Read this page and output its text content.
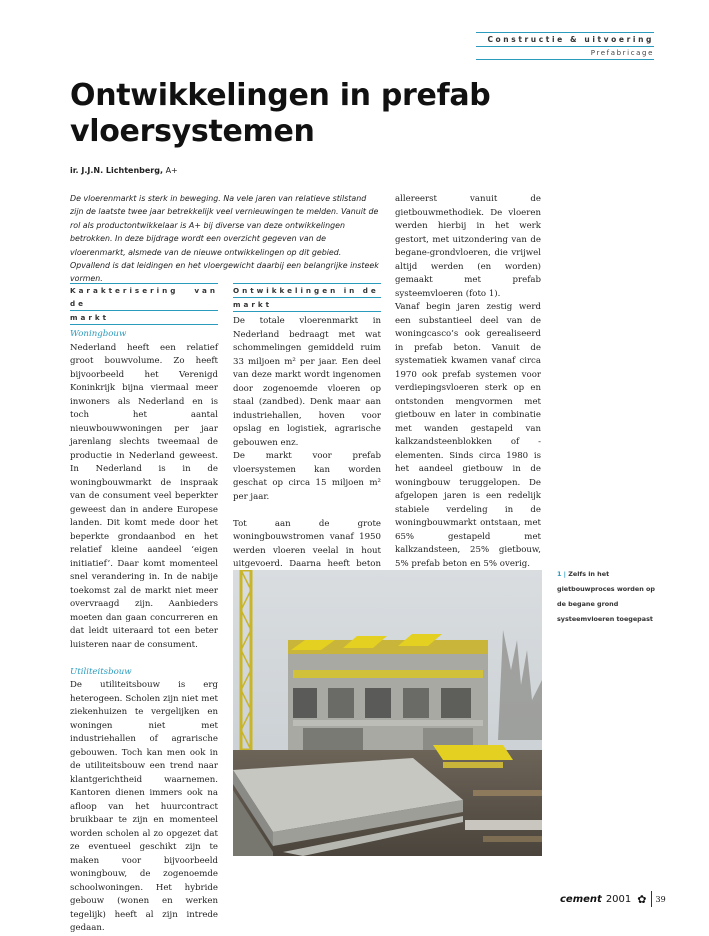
Constructie & uitvoering
Prefabricage
Ontwikkelingen in prefab vloersystemen
ir. J.J.N. Lichtenberg, A+

De vloerenmarkt is sterk in beweging. Na vele jaren van relatieve stilstand zijn de laatste twee jaar betrekkelijk veel vernieuwingen te melden. Vanuit de rol als productontwikkelaar is A+ bij diverse van deze ontwikkelingen betrokken. In deze bijdrage wordt een overzicht gegeven van de vloerenmarkt, alsmede van de nieuwe ontwikkelingen op dit gebied. Opvallend is dat leidingen en het vloergewicht daarbij een belangrijke insteek vormen.

Karakterisering van de
markt

Woningbouw

Nederland heeft een relatief groot bouwvolume. Zo heeft bijvoorbeeld het Verenigd Koninkrijk bijna viermaal meer inwoners als Nederland en is toch het aantal nieuwbouwwoningen per jaar jarenlang slechts tweemaal de productie in Nederland geweest. In Nederland is in de woningbouwmarkt de inspraak van de consument veel beperkter geweest dan in andere Europese landen. Dit komt mede door het beperkte grondaanbod en het relatief kleine aandeel ‘eigen initiatief’. Daar komt momenteel snel verandering in. In de nabije toekomst zal de markt niet meer overvraagd zijn. Aanbieders moeten dan gaan concurreren en dat leidt uiteraard tot een beter luisteren naar de consument.

Utiliteitsbouw

De utiliteitsbouw is erg heterogeen. Scholen zijn niet met ziekenhuizen te vergelijken en woningen niet met industriehallen of agrarische gebouwen. Toch kan men ook in de utiliteitsbouw een trend naar klantgerichtheid waarnemen. Kantoren dienen immers ook na afloop van het huurcontract bruikbaar te zijn en momenteel worden scholen al zo opgezet dat ze eventueel geschikt zijn te maken voor bijvoorbeeld woningbouw, de zogenoemde schoolwoningen. Het hybride gebouw (wonen en werken tegelijk) heeft al zijn intrede gedaan.

Ontwikkelingen in de
markt

De totale vloerenmarkt in Nederland bedraagt met wat schommelingen gemiddeld ruim 33 miljoen m² per jaar. Een deel van deze markt wordt ingenomen door zogenoemde vloeren op staal (zandbed). Denk maar aan industriehallen, hoven voor opslag en logistiek, agrarische gebouwen enz.

De markt voor prefab vloersystemen kan worden geschat op circa 15 miljoen m² per jaar.

Tot aan de grote woningbouwstromen vanaf 1950 werden vloeren veelal in hout uitgevoerd. Daarna heeft beton

allereerst vanuit de gietbouwmethodiek. De vloeren werden hierbij in het werk gestort, met uitzondering van de begane-grondvloeren, die vrijwel altijd werden (en worden) gemaakt met prefab systeemvloeren (foto 1).

Vanaf begin jaren zestig werd een substantieel deel van de woningcasco’s ook gerealiseerd in prefab beton. Vanuit de systematiek kwamen vanaf circa 1970 ook prefab systemen voor verdiepingsvloeren sterk op en ontstonden mengvormen met gietbouw en later in combinatie met wanden gestapeld van kalkzandsteenblokken of -elementen. Sinds circa 1980 is het aandeel gietbouw in de woningbouw teruggelopen. De afgelopen jaren is een redelijk stabiele verdeling in de woningbouwmarkt ontstaan, met 65% gestapeld met kalkzandsteen, 25% gietbouw, 5% prefab beton en 5% overig.

1 | Zelfs in het gietbouwproces worden op de begane grond systeemvloeren toegepast
cement 2001 ✿ 39
